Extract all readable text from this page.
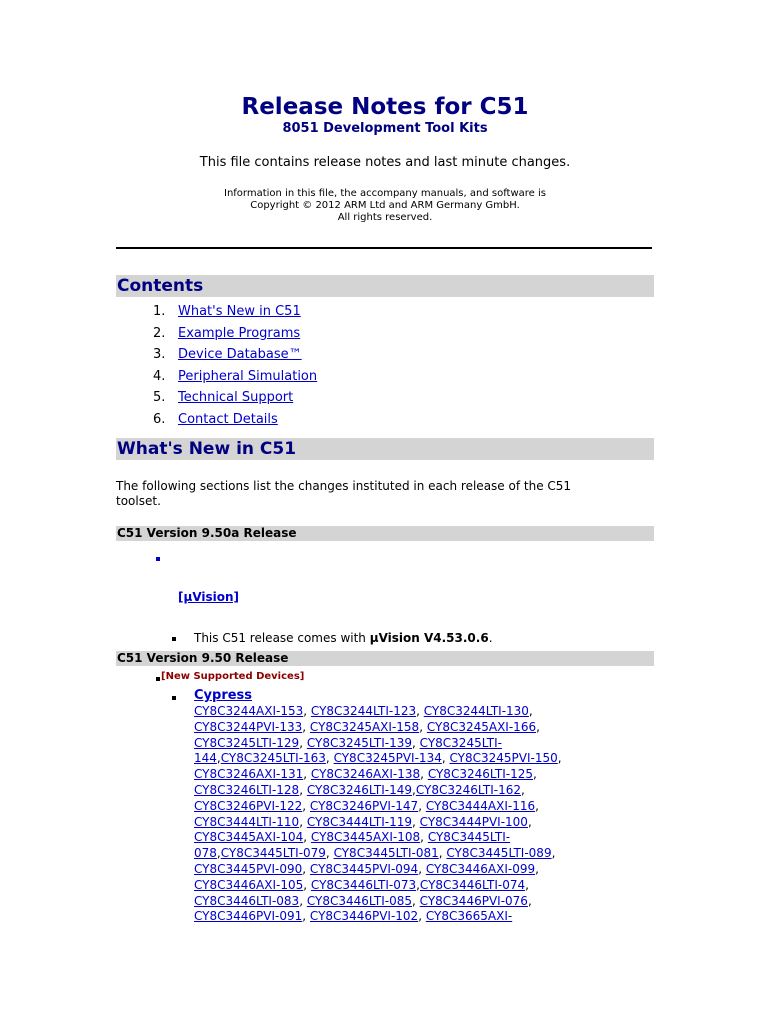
Release Notes for C51
8051 Development Tool Kits
This file contains release notes and last minute changes.
Information in this file, the accompany manuals, and software is
Copyright © 2012 ARM Ltd and ARM Germany GmbH.
All rights reserved.
Contents
1. What's New in C51
2. Example Programs
3. Device Database™
4. Peripheral Simulation
5. Technical Support
6. Contact Details
What's New in C51
The following sections list the changes instituted in each release of the C51 toolset.
C51 Version 9.50a Release
[µVision]
This C51 release comes with µVision V4.53.0.6.
C51 Version 9.50 Release
[New Supported Devices]
Cypress

CY8C3244AXI-153, CY8C3244LTI-123, CY8C3244LTI-130, CY8C3244PVI-133, CY8C3245AXI-158, CY8C3245AXI-166, CY8C3245LTI-129, CY8C3245LTI-139, CY8C3245LTI-144,CY8C3245LTI-163, CY8C3245PVI-134, CY8C3245PVI-150, CY8C3246AXI-131, CY8C3246AXI-138, CY8C3246LTI-125, CY8C3246LTI-128, CY8C3246LTI-149,CY8C3246LTI-162, CY8C3246PVI-122, CY8C3246PVI-147, CY8C3444AXI-116, CY8C3444LTI-110, CY8C3444LTI-119, CY8C3444PVI-100, CY8C3445AXI-104, CY8C3445AXI-108, CY8C3445LTI-078,CY8C3445LTI-079, CY8C3445LTI-081, CY8C3445LTI-089, CY8C3445PVI-090, CY8C3445PVI-094, CY8C3446AXI-099, CY8C3446AXI-105, CY8C3446LTI-073,CY8C3446LTI-074, CY8C3446LTI-083, CY8C3446LTI-085, CY8C3446PVI-076, CY8C3446PVI-091, CY8C3446PVI-102, CY8C3665AXI-
